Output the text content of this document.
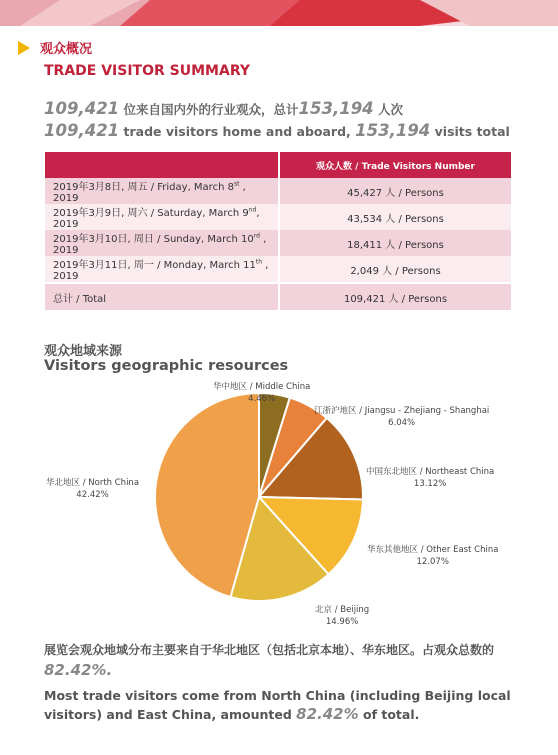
观众概况
TRADE VISITOR SUMMARY
109,421 位来自国内外的行业观众，总计153,194 人次
109,421 trade visitors home and aboard, 153,194 visits total
	观众人数 / Trade Visitors Number
2019年3月8日, 周五 / Friday, March 8st , 2019	45,427 人 / Persons
2019年3月9日, 周六 / Saturday, March 9nd, 2019	43,534 人 / Persons
2019年3月10日, 周日 / Sunday, March 10rd , 2019	18,411 人 / Persons
2019年3月11日, 周一 / Monday, March 11th , 2019	2,049 人 / Persons
总计 / Total	109,421 人 / Persons
观众地域来源
Visitors geographic resources
华中地区 / Middle China
4.46%
江浙沪地区 / Jiangsu - Zhejiang - Shanghai
6.04%
中国东北地区 / Northeast China
13.12%
华东其他地区 / Other East China
12.07%
北京 / Beijing
14.96%
华北地区 / North China
42.42%
展览会观众地域分布主要来自于华北地区（包括北京本地）、华东地区。占观众总数的 82.42%.
Most trade visitors come from North China (including Beijing local visitors) and East China, amounted 82.42% of total.
